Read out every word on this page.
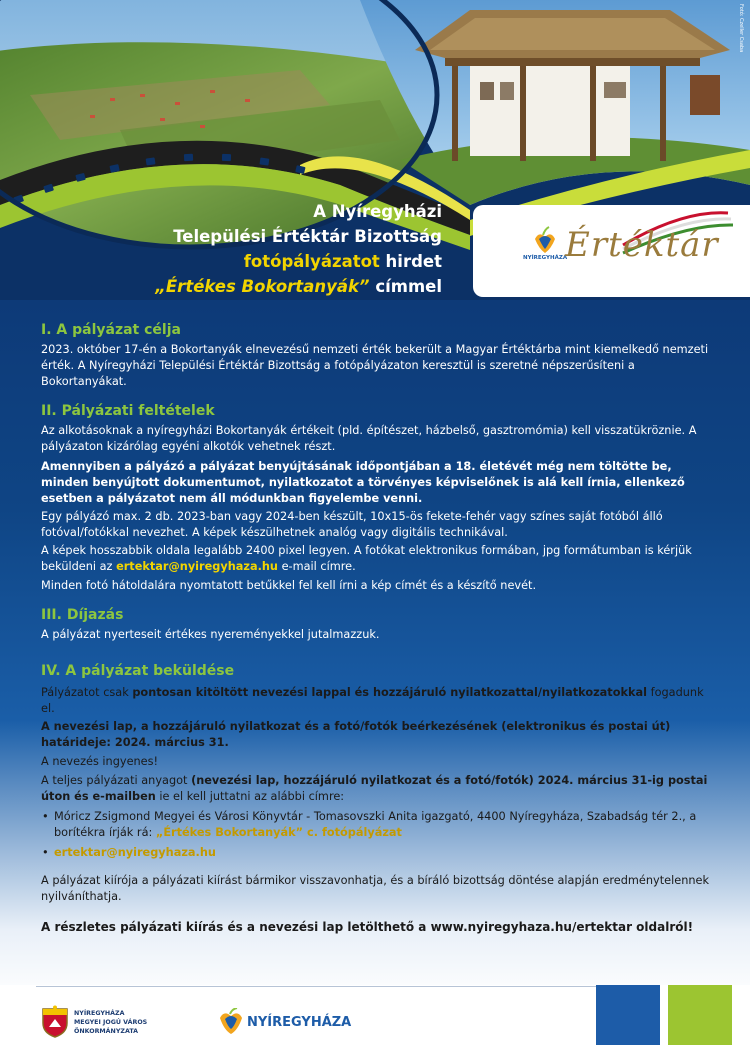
Fotó: Czeller Csaba
A Nyíregyházi
Települési Értéktár Bizottság
fotópályázatot hirdet
„Értékes Bokortanyák” címmel
NYÍREGYHÁZA
Értéktár
I. A pályázat célja

2023. október 17-én a Bokortanyák elnevezésű nemzeti érték bekerült a Magyar Értéktárba mint kiemelkedő nemzeti érték. A Nyíregyházi Települési Értéktár Bizottság a fotópályázaton keresztül is szeretné népszerűsíteni a Bokortanyákat.

II. Pályázati feltételek

Az alkotásoknak a nyíregyházi Bokortanyák értékeit (pld. építészet, házbelső, gasztromómia) kell visszatükröznie. A pályázaton kizárólag egyéni alkotók vehetnek részt.

Amennyiben a pályázó a pályázat benyújtásának időpontjában a 18. életévét még nem töltötte be, minden benyújtott dokumentumot, nyilatkozatot a törvényes képviselőnek is alá kell írnia, ellenkező esetben a pályázatot nem áll módunkban figyelembe venni.

Egy pályázó max. 2 db. 2023-ban vagy 2024-ben készült, 10x15-ös fekete-fehér vagy színes saját fotóból álló fotóval/fotókkal nevezhet. A képek készülhetnek analóg vagy digitális technikával.

A képek hosszabbik oldala legalább 2400 pixel legyen. A fotókat elektronikus formában, jpg formátumban is kérjük beküldeni az ertektar@nyiregyhaza.hu e-mail címre.

Minden fotó hátoldalára nyomtatott betűkkel fel kell írni a kép címét és a készítő nevét.

III. Díjazás

A pályázat nyerteseit értékes nyereményekkel jutalmazzuk.

IV. A pályázat beküldése

Pályázatot csak pontosan kitöltött nevezési lappal és hozzájáruló nyilatkozattal/nyilatkozatokkal fogadunk el.

A nevezési lap, a hozzájáruló nyilatkozat és a fotó/fotók beérkezésének (elektronikus és postai út) határideje: 2024. március 31.

A nevezés ingyenes!

A teljes pályázati anyagot (nevezési lap, hozzájáruló nyilatkozat és a fotó/fotók) 2024. március 31-ig postai úton és e-mailben ie el kell juttatni az alábbi címre:

• Móricz Zsigmond Megyei és Városi Könyvtár - Tomasovszki Anita igazgató, 4400 Nyíregyháza, Szabadság tér 2., a borítékra írják rá: „Értékes Bokortanyák” c. fotópályázat
• ertektar@nyiregyhaza.hu

A pályázat kiírója a pályázati kiírást bármikor visszavonhatja, és a bíráló bizottság döntése alapján eredménytelennek nyilváníthatja.

A részletes pályázati kiírás és a nevezési lap letölthető a www.nyiregyhaza.hu/ertektar oldalról!

NYÍREGYHÁZA
MEGYEI JOGÚ VÁROS
ÖNKORMÁNYZATA
NYÍREGYHÁZA
